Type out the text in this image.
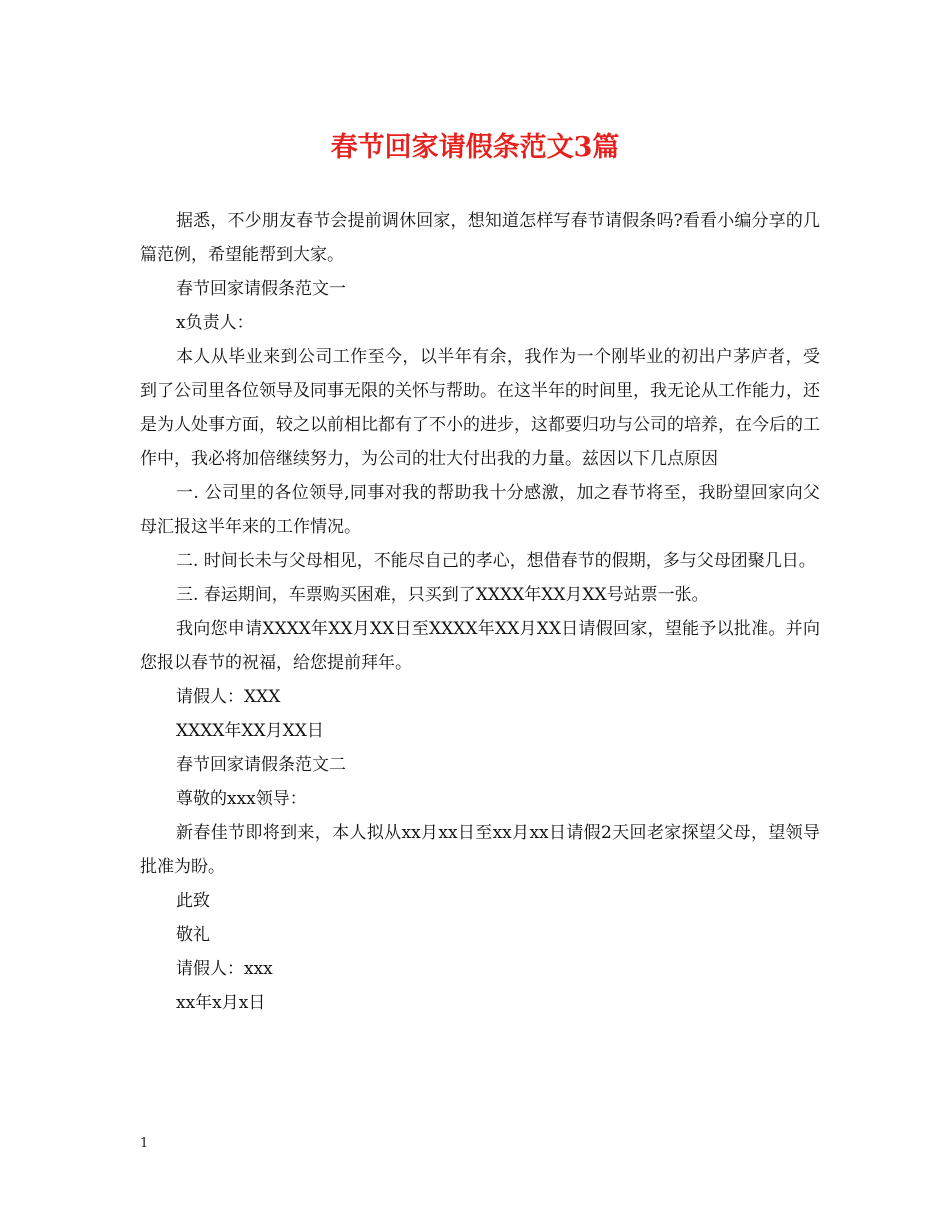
春节回家请假条范文3篇

据悉，不少朋友春节会提前调休回家，想知道怎样写春节请假条吗?看看小编分享的几篇范例，希望能帮到大家。

春节回家请假条范文一

x负责人：

本人从毕业来到公司工作至今，以半年有余，我作为一个刚毕业的初出户茅庐者，受到了公司里各位领导及同事无限的关怀与帮助。在这半年的时间里，我无论从工作能力，还是为人处事方面，较之以前相比都有了不小的进步，这都要归功与公司的培养，在今后的工作中，我必将加倍继续努力，为公司的壮大付出我的力量。兹因以下几点原因

一. 公司里的各位领导,同事对我的帮助我十分感激，加之春节将至，我盼望回家向父母汇报这半年来的工作情况。

二. 时间长未与父母相见，不能尽自己的孝心，想借春节的假期，多与父母团聚几日。

三. 春运期间，车票购买困难，只买到了XXXX年XX月XX号站票一张。

我向您申请XXXX年XX月XX日至XXXX年XX月XX日请假回家，望能予以批准。并向您报以春节的祝福，给您提前拜年。

请假人：XXX

XXXX年XX月XX日

春节回家请假条范文二

尊敬的xxx领导：

新春佳节即将到来，本人拟从xx月xx日至xx月xx日请假2天回老家探望父母，望领导批准为盼。

此致

敬礼

请假人：xxx

xx年x月x日

1
